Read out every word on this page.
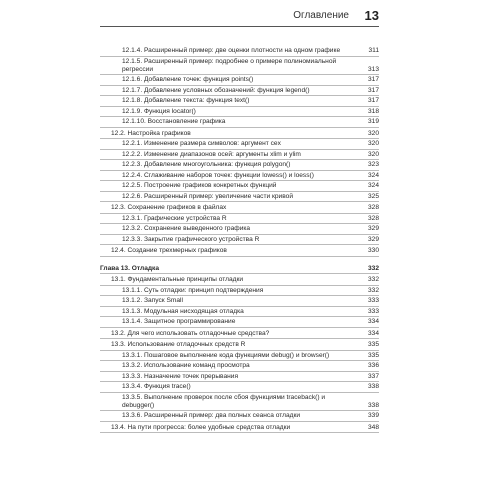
Оглавление 13
12.1.4. Расширенный пример: две оценки плотности на одном графике	311
12.1.5. Расширенный пример: подробнее о примере полиномиальной регрессии	313
12.1.6. Добавление точек: функция points()	317
12.1.7. Добавление условных обозначений: функция legend()	317
12.1.8. Добавление текста: функция text()	317
12.1.9. Функция locator()	318
12.1.10. Восстановление графика	319
12.2. Настройка графиков	320
12.2.1. Изменение размера символов: аргумент cex	320
12.2.2. Изменение диапазонов осей: аргументы xlim и ylim	320
12.2.3. Добавление многоугольника: функция polygon()	323
12.2.4. Сглаживание наборов точек: функции lowess() и loess()	324
12.2.5. Построение графиков конкретных функций	324
12.2.6. Расширенный пример: увеличение части кривой	325
12.3. Сохранение графиков в файлах	328
12.3.1. Графические устройства R	328
12.3.2. Сохранение выведенного графика	329
12.3.3. Закрытие графического устройства R	329
12.4. Создание трехмерных графиков	330
Глава 13. Отладка	332
13.1. Фундаментальные принципы отладки	332
13.1.1. Суть отладки: принцип подтверждения	332
13.1.2. Запуск Small	333
13.1.3. Модульная нисходящая отладка	333
13.1.4. Защитное программирование	334
13.2. Для чего использовать отладочные средства?	334
13.3. Использование отладочных средств R	335
13.3.1. Пошаговое выполнение кода функциями debug() и browser()	335
13.3.2. Использование команд просмотра	336
13.3.3. Назначение точек прерывания	337
13.3.4. Функция trace()	338
13.3.5. Выполнение проверок после сбоя функциями traceback() и debugger()	338
13.3.6. Расширенный пример: два полных сеанса отладки	339
13.4. На пути прогресса: более удобные средства отладки	348
